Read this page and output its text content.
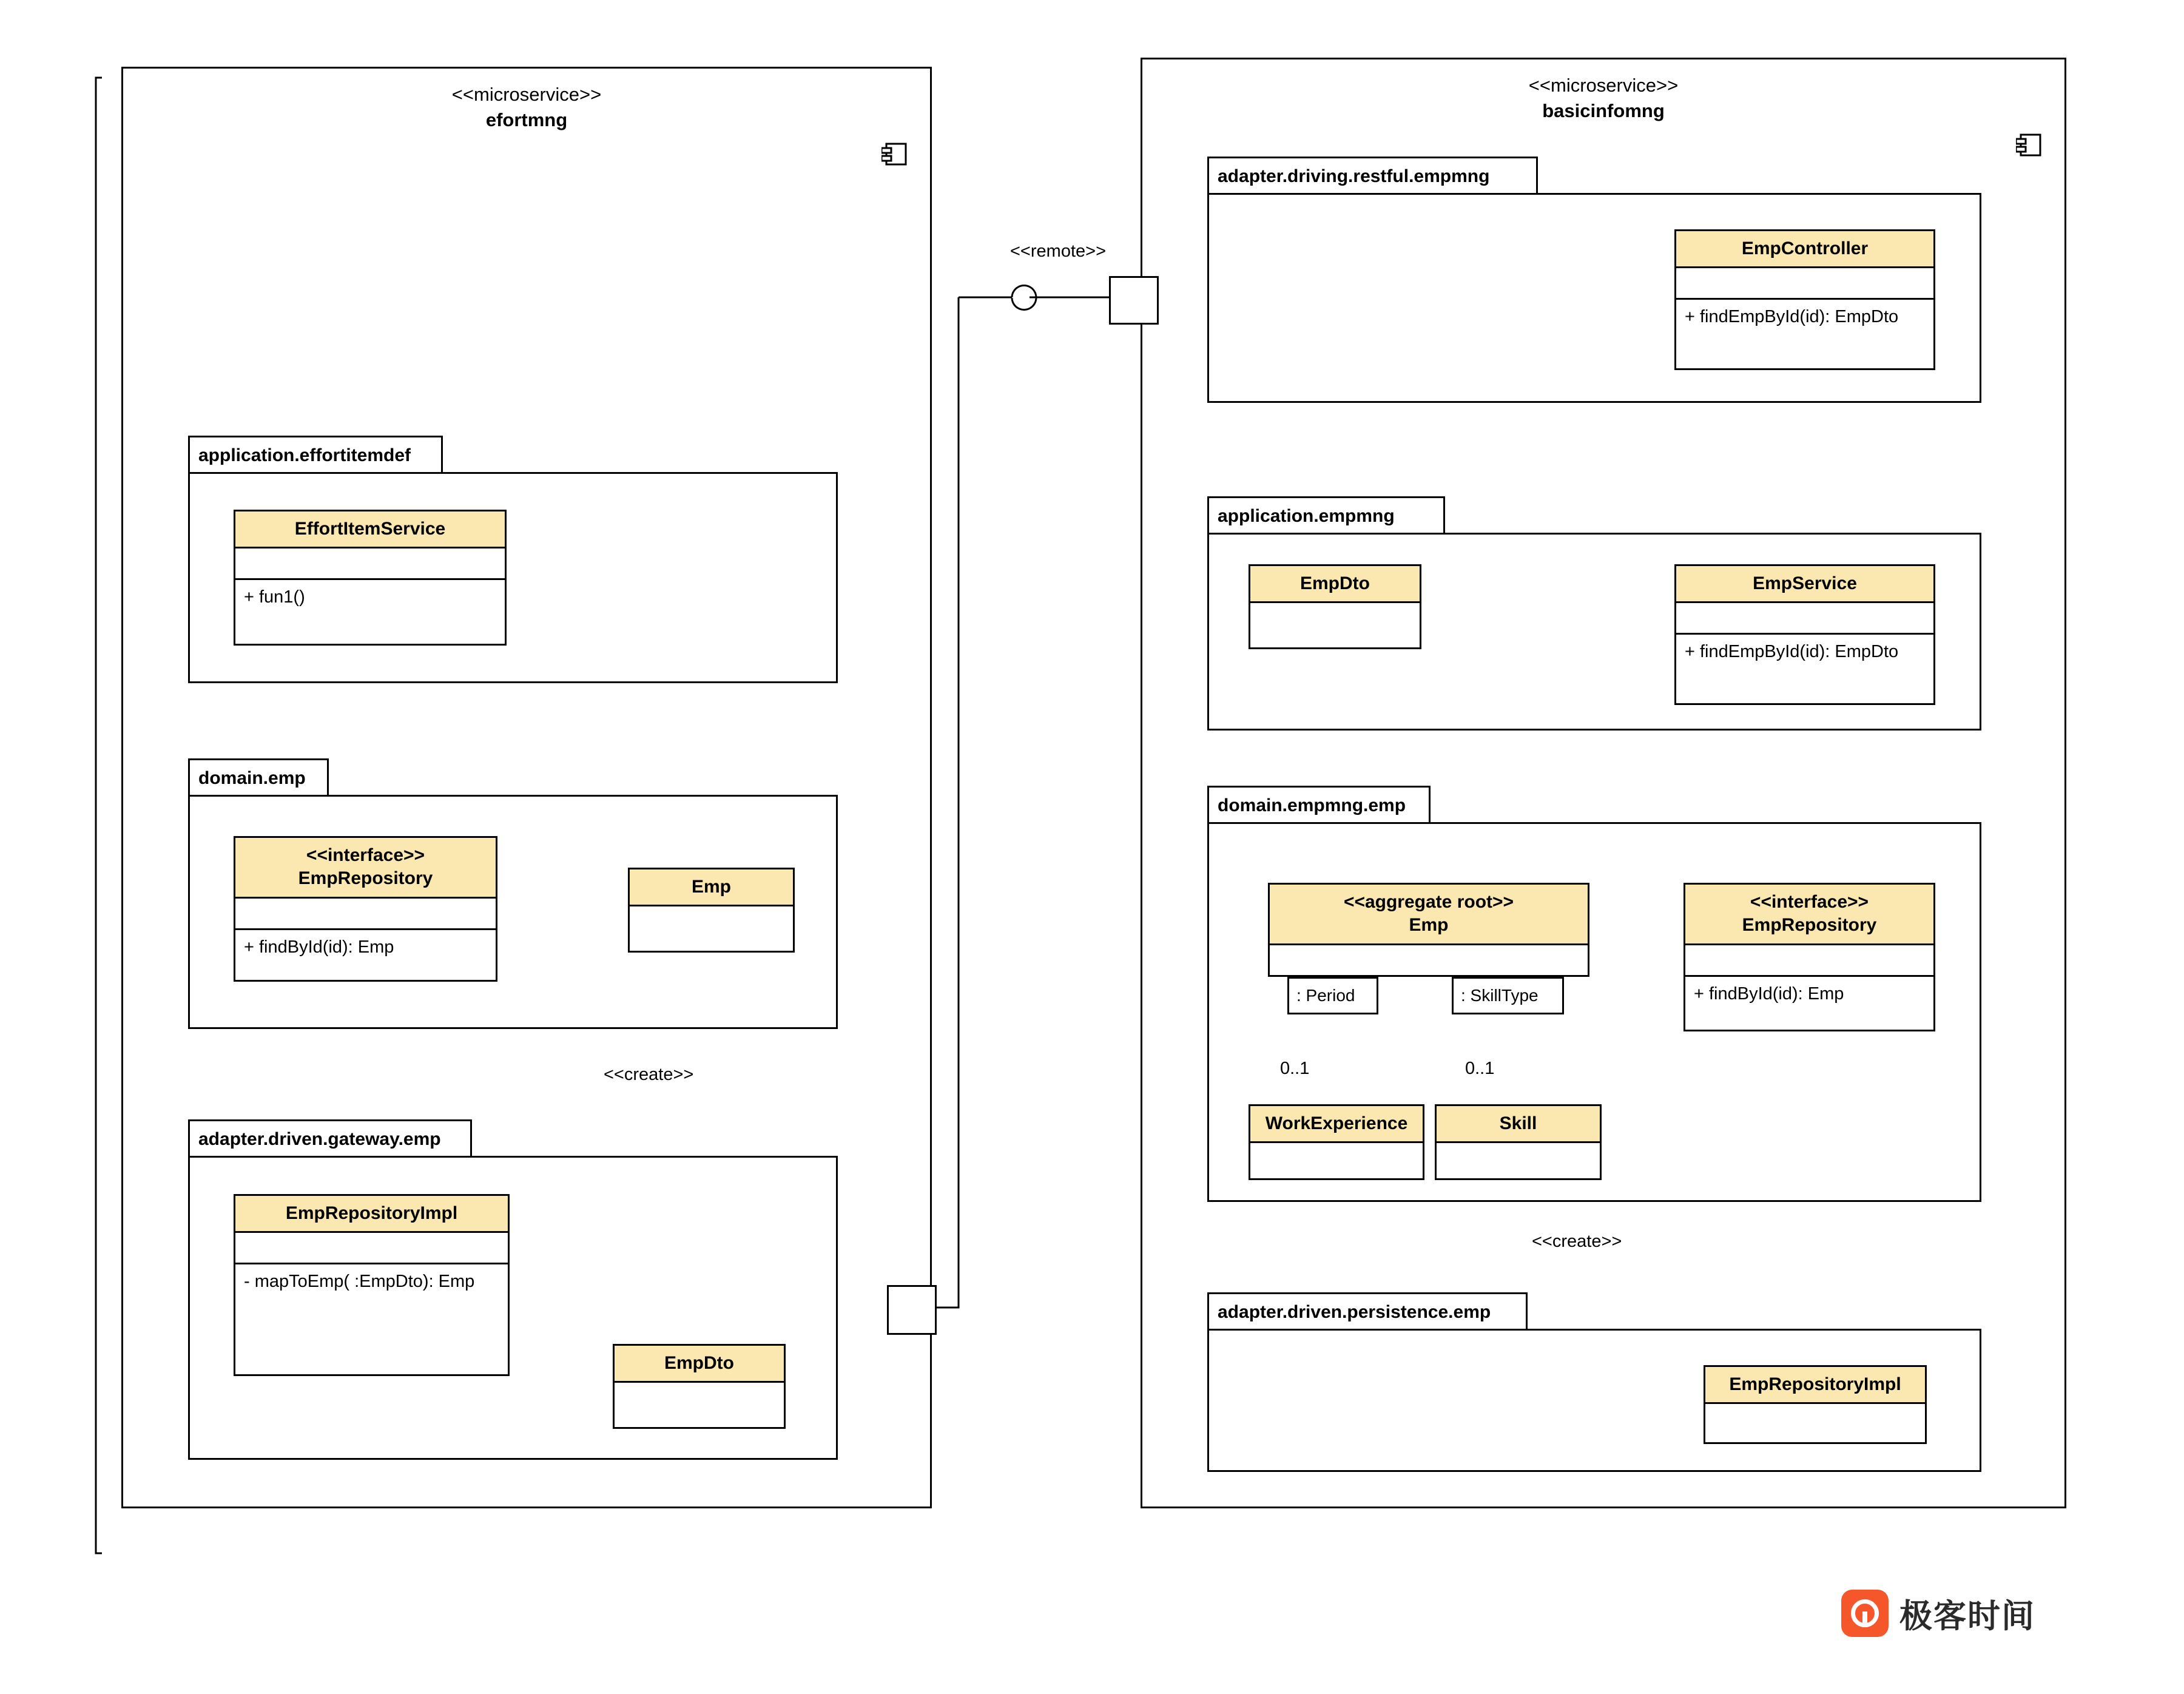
<<microservice>>
efortmng
application.effortitemdef
EffortItemService
+ fun1()
domain.emp
<<interface>>
EmpRepository
+ findById(id): Emp
Emp
adapter.driven.gateway.emp
EmpRepositoryImpl
- mapToEmp( :EmpDto): Emp
EmpDto
<<create>>
<<microservice>>
basicinfomng
<<remote>>
adapter.driving.restful.empmng
EmpController
+ findEmpById(id): EmpDto
application.empmng
EmpDto	EmpService
+ findEmpById(id): EmpDto
domain.empmng.emp
<<aggregate root>>
Emp
<<interface>>
EmpRepository
+ findById(id): Emp
: Period	: SkillType
0..1	0..1
WorkExperience	Skill
<<create>>
adapter.driven.persistence.emp
EmpRepositoryImpl
极客时间
